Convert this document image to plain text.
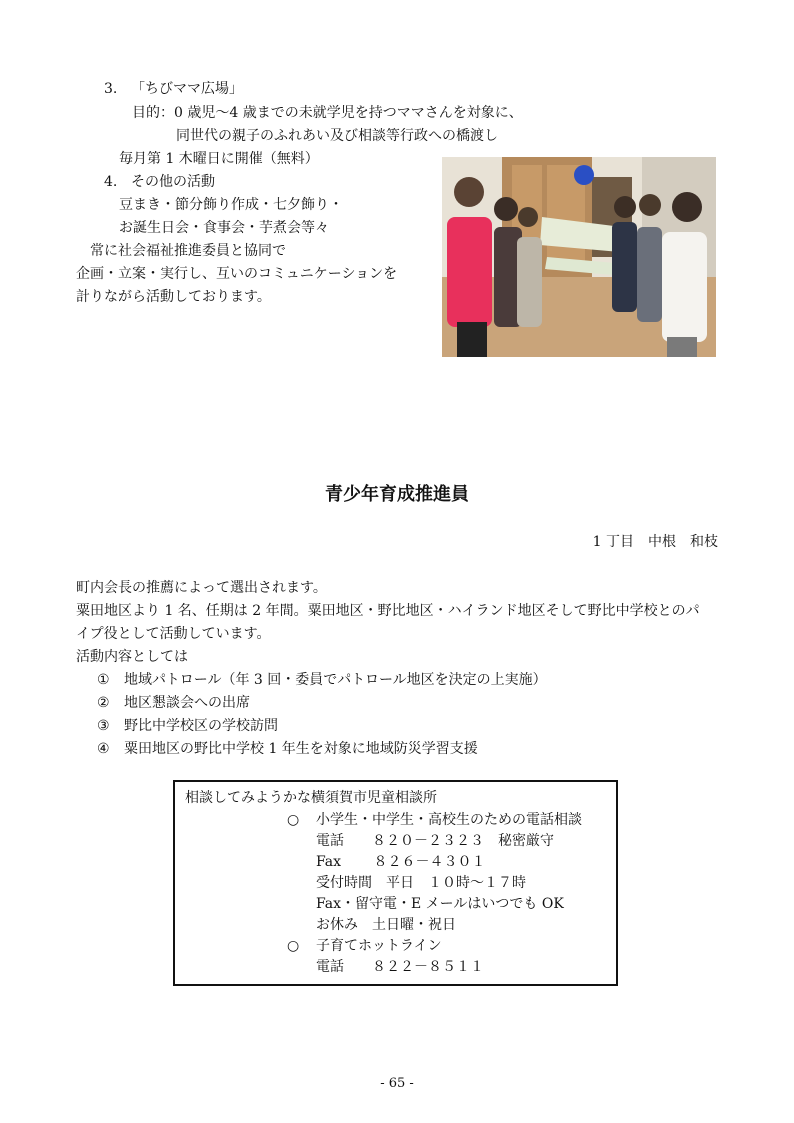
3. 「ちびママ広場」
目的：0 歳児〜4 歳までの未就学児を持つママさんを対象に、
同世代の親子のふれあい及び相談等行政への橋渡し
毎月第 1 木曜日に開催（無料）
4. その他の活動
豆まき・節分飾り作成・七夕飾り・
お誕生日会・食事会・芋煮会等々
常に社会福祉推進委員と協同で
企画・立案・実行し、互いのコミュニケーションを
計りながら活動しております。
青少年育成推進員
1 丁目　中根　和枝
町内会長の推薦によって選出されます。
粟田地区より 1 名、任期は 2 年間。粟田地区・野比地区・ハイランド地区そして野比中学校とのパ
イプ役として活動しています。
活動内容としては
① 地域パトロール（年 3 回・委員でパトロール地区を決定の上実施）
② 地区懇談会への出席
③ 野比中学校区の学校訪問
④ 粟田地区の野比中学校 1 年生を対象に地域防災学習支援
相談してみようかな横須賀市児童相談所
○ 小学生・中学生・高校生のための電話相談
電話　　８２０－２３２３　秘密厳守
Fax　　 ８２６－４３０１
受付時間　平日　１０時〜１７時
Fax・留守電・E メールはいつでも OK
お休み　土日曜・祝日
○ 子育てホットライン
電話　　８２２－８５１１
- 65 -
